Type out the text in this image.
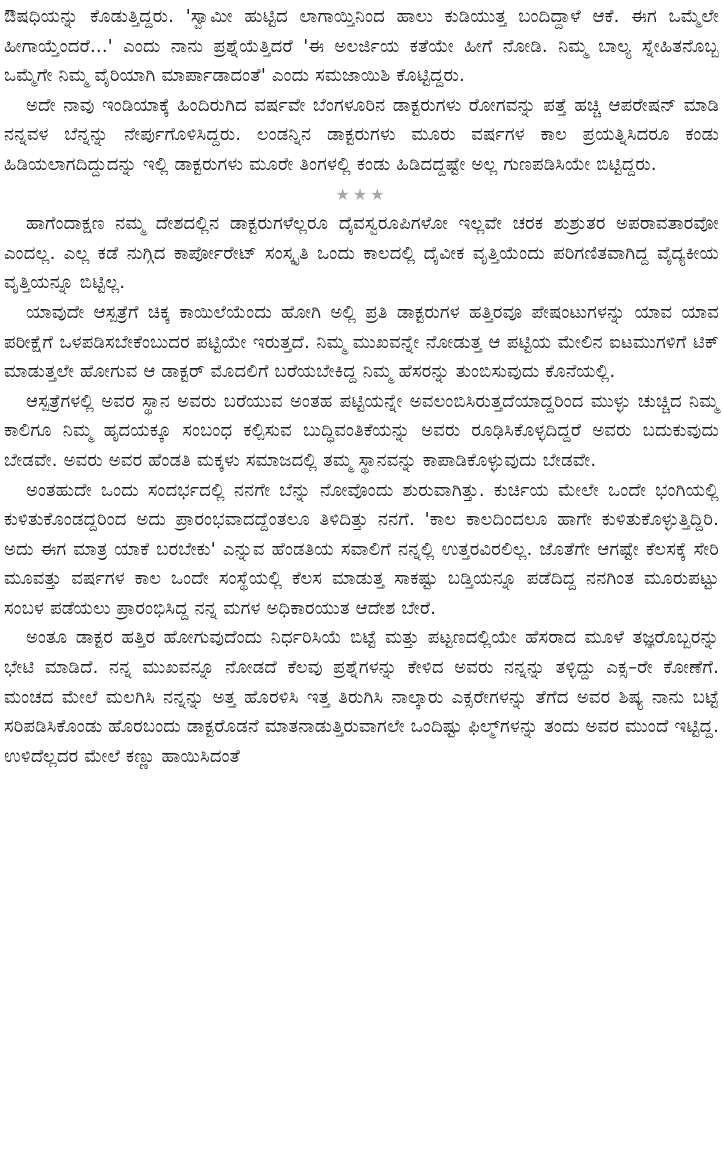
ಔಷಧಿಯನ್ನು ಕೊಡುತ್ತಿದ್ದರು. 'ಸ್ವಾಮೀ ಹುಟ್ಟಿದ ಲಾಗಾಯ್ತಿನಿಂದ ಹಾಲು ಕುಡಿಯುತ್ತ ಬಂದಿದ್ದಾಳೆ ಆಕೆ. ಈಗ ಒಮ್ಮೆಲೇ ಹೀಗಾಯ್ತೆಂದರೆ...' ಎಂದು ನಾನು ಪ್ರಶ್ನೆಯೆತ್ತಿದರೆ 'ಈ ಅಲರ್ಜಿಯ ಕತೆಯೇ ಹೀಗೆ ನೋಡಿ. ನಿಮ್ಮ ಬಾಲ್ಯ ಸ್ನೇಹಿತನೊಬ್ಬ ಒಮ್ಮೆಗೇ ನಿಮ್ಮ ವೈರಿಯಾಗಿ ಮಾರ್ಪಾಡಾದಂತೆ' ಎಂದು ಸಮಜಾಯಿಶಿ ಕೊಟ್ಟಿದ್ದರು.

ಅದೇ ನಾವು ಇಂಡಿಯಾಕ್ಕೆ ಹಿಂದಿರುಗಿದ ವರ್ಷವೇ ಬೆಂಗಳೂರಿನ ಡಾಕ್ಟರುಗಳು ರೋಗವನ್ನು ಪತ್ತೆ ಹಚ್ಚಿ ಆಪರೇಷನ್ ಮಾಡಿ ನನ್ನವಳ ಬೆನ್ನನ್ನು ನೇರ್ಪುಗೊಳಿಸಿದ್ದರು. ಲಂಡನ್ನಿನ ಡಾಕ್ಟರುಗಳು ಮೂರು ವರ್ಷಗಳ ಕಾಲ ಪ್ರಯತ್ನಿಸಿದರೂ ಕಂಡು ಹಿಡಿಯಲಾಗದಿದ್ದುದನ್ನು ಇಲ್ಲಿ ಡಾಕ್ಟರುಗಳು ಮೂರೇ ತಿಂಗಳಲ್ಲಿ ಕಂಡು ಹಿಡಿದದ್ದಷ್ಟೇ ಅಲ್ಲ ಗುಣಪಡಿಸಿಯೇ ಬಿಟ್ಟಿದ್ದರು.

★★★

ಹಾಗೆಂದಾಕ್ಷಣ ನಮ್ಮ ದೇಶದಲ್ಲಿನ ಡಾಕ್ಟರುಗಳೆಲ್ಲರೂ ದೈವಸ್ವರೂಪಿಗಳೋ ಇಲ್ಲವೇ ಚರಕ ಶುಶ್ರುತರ ಅಪರಾವತಾರವೋ ಎಂದಲ್ಲ. ಎಲ್ಲ ಕಡೆ ನುಗ್ಗಿದ ಕಾರ್ಪೋರೇಟ್ ಸಂಸ್ಕೃತಿ ಒಂದು ಕಾಲದಲ್ಲಿ ದೈವೀಕ ವೃತ್ತಿಯೆಂದು ಪರಿಗಣಿತವಾಗಿದ್ದ ವೈದ್ಯಕೀಯ ವೃತ್ತಿಯನ್ನೂ ಬಿಟ್ಟಿಲ್ಲ.

ಯಾವುದೇ ಆಸ್ಪತ್ರೆಗೆ ಚಿಕ್ಕ ಕಾಯಿಲೆಯೆಂದು ಹೋಗಿ ಅಲ್ಲಿ ಪ್ರತಿ ಡಾಕ್ಟರುಗಳ ಹತ್ತಿರವೂ ಪೇಷಂಟುಗಳನ್ನು ಯಾವ ಯಾವ ಪರೀಕ್ಷೆಗೆ ಒಳಪಡಿಸಬೇಕೆಂಬುದರ ಪಟ್ಟಿಯೇ ಇರುತ್ತದೆ. ನಿಮ್ಮ ಮುಖವನ್ನೇ ನೋಡುತ್ತ ಆ ಪಟ್ಟಿಯ ಮೇಲಿನ ಐಟಮುಗಳಿಗೆ ಟಿಕ್ ಮಾಡುತ್ತಲೇ ಹೋಗುವ ಆ ಡಾಕ್ಟರ್ ಮೊದಲಿಗೆ ಬರೆಯಬೇಕಿದ್ದ ನಿಮ್ಮ ಹೆಸರನ್ನು ತುಂಬಿಸುವುದು ಕೊನೆಯಲ್ಲಿ.

ಆಸ್ಪತ್ರೆಗಳಲ್ಲಿ ಅವರ ಸ್ಥಾನ ಅವರು ಬರೆಯುವ ಅಂತಹ ಪಟ್ಟಿಯನ್ನೇ ಅವಲಂಬಿಸಿರುತ್ತದೆಯಾದ್ದರಿಂದ ಮುಳ್ಳು ಚುಚ್ಚಿದ ನಿಮ್ಮ ಕಾಲಿಗೂ ನಿಮ್ಮ ಹೃದಯಕ್ಕೂ ಸಂಬಂಧ ಕಲ್ಪಿಸುವ ಬುದ್ಧಿವಂತಿಕೆಯನ್ನು ಅವರು ರೂಢಿಸಿಕೊಳ್ಳದಿದ್ದರೆ ಅವರು ಬದುಕುವುದು ಬೇಡವೇ. ಅವರು ಅವರ ಹೆಂಡತಿ ಮಕ್ಕಳು ಸಮಾಜದಲ್ಲಿ ತಮ್ಮ ಸ್ಥಾನವನ್ನು ಕಾಪಾಡಿಕೊಳ್ಳುವುದು ಬೇಡವೇ.

ಅಂತಹುದೇ ಒಂದು ಸಂದರ್ಭದಲ್ಲಿ ನನಗೇ ಬೆನ್ನು ನೋವೊಂದು ಶುರುವಾಗಿತ್ತು. ಕುರ್ಚಿಯ ಮೇಲೇ ಒಂದೇ ಭಂಗಿಯಲ್ಲಿ ಕುಳಿತುಕೊಂಡದ್ದರಿಂದ ಅದು ಪ್ರಾರಂಭವಾದದ್ದೆಂತಲೂ ತಿಳಿದಿತ್ತು ನನಗೆ. 'ಕಾಲ ಕಾಲದಿಂದಲೂ ಹಾಗೇ ಕುಳಿತುಕೊಳ್ಳುತ್ತಿದ್ದಿರಿ. ಅದು ಈಗ ಮಾತ್ರ ಯಾಕೆ ಬರಬೇಕು' ಎನ್ನುವ ಹೆಂಡತಿಯ ಸವಾಲಿಗೆ ನನ್ನಲ್ಲಿ ಉತ್ತರವಿರಲಿಲ್ಲ. ಜೊತೆಗೇ ಆಗಷ್ಟೇ ಕೆಲಸಕ್ಕೆ ಸೇರಿ ಮೂವತ್ತು ವರ್ಷಗಳ ಕಾಲ ಒಂದೇ ಸಂಸ್ಥೆಯಲ್ಲಿ ಕೆಲಸ ಮಾಡುತ್ತ ಸಾಕಷ್ಟು ಬಡ್ತಿಯನ್ನೂ ಪಡೆದಿದ್ದ ನನಗಿಂತ ಮೂರುಪಟ್ಟು ಸಂಬಳ ಪಡೆಯಲು ಪ್ರಾರಂಭಿಸಿದ್ದ ನನ್ನ ಮಗಳ ಅಧಿಕಾರಯುತ ಆದೇಶ ಬೇರೆ.

ಅಂತೂ ಡಾಕ್ಟರ ಹತ್ತಿರ ಹೋಗುವುದೆಂದು ನಿರ್ಧರಿಸಿಯೆ ಬಿಟ್ಟೆ ಮತ್ತು ಪಟ್ಟಣದಲ್ಲಿಯೇ ಹೆಸರಾದ ಮೂಳೆ ತಜ್ಞರೊಬ್ಬರನ್ನು ಭೇಟಿ ಮಾಡಿದೆ. ನನ್ನ ಮುಖವನ್ನೂ ನೋಡದೆ ಕೆಲವು ಪ್ರಶ್ನೆಗಳನ್ನು ಕೇಳಿದ ಅವರು ನನ್ನನ್ನು ತಳ್ಳಿದ್ದು ಎಕ್ಸ–ರೇ ಕೋಣೆಗೆ. ಮಂಚದ ಮೇಲೆ ಮಲಗಿಸಿ ನನ್ನನ್ನು ಅತ್ತ ಹೊರಳಿಸಿ ಇತ್ತ ತಿರುಗಿಸಿ ನಾಲ್ಕಾರು ಎಕ್ಸರೇಗಳನ್ನು ತೆಗೆದ ಅವರ ಶಿಷ್ಯ ನಾನು ಬಟ್ಟೆ ಸರಿಪಡಿಸಿಕೊಂಡು ಹೊರಬಂದು ಡಾಕ್ಟರೊಡನೆ ಮಾತನಾಡುತ್ತಿರುವಾಗಲೇ ಒಂದಿಷ್ಟು ಫಿಲ್ಮ್‌ಗಳನ್ನು ತಂದು ಅವರ ಮುಂದೆ ಇಟ್ಟಿದ್ದ. ಉಳಿದೆಲ್ಲದರ ಮೇಲೆ ಕಣ್ಣು ಹಾಯಿಸಿದಂತೆ
